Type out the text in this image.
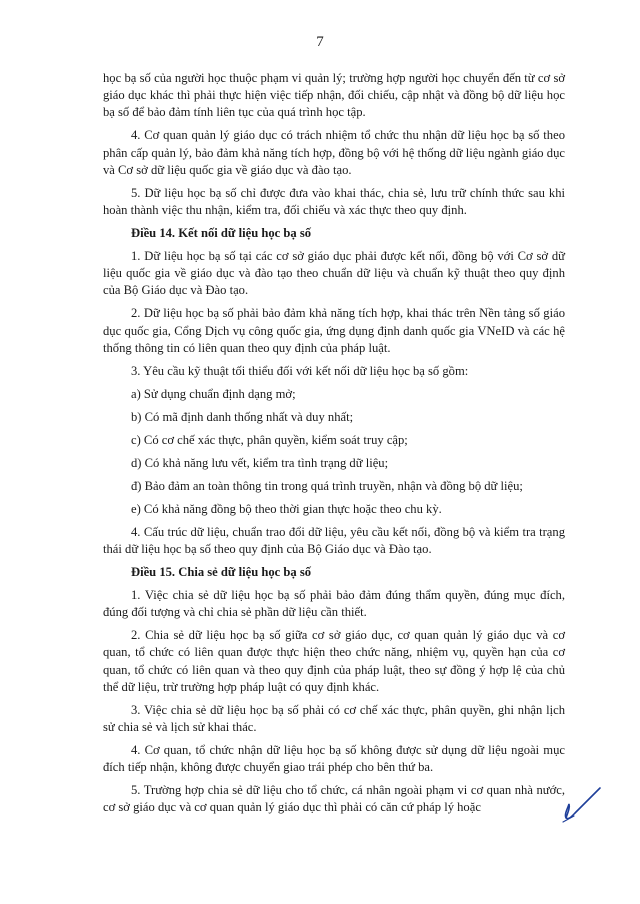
7

học bạ số của người học thuộc phạm vi quản lý; trường hợp người học chuyển đến từ cơ sở giáo dục khác thì phải thực hiện việc tiếp nhận, đối chiếu, cập nhật và đồng bộ dữ liệu học bạ số để bảo đảm tính liên tục của quá trình học tập.

4. Cơ quan quản lý giáo dục có trách nhiệm tổ chức thu nhận dữ liệu học bạ số theo phân cấp quản lý, bảo đảm khả năng tích hợp, đồng bộ với hệ thống dữ liệu ngành giáo dục và Cơ sở dữ liệu quốc gia về giáo dục và đào tạo.

5. Dữ liệu học bạ số chỉ được đưa vào khai thác, chia sẻ, lưu trữ chính thức sau khi hoàn thành việc thu nhận, kiểm tra, đối chiếu và xác thực theo quy định.

Điều 14. Kết nối dữ liệu học bạ số

1. Dữ liệu học bạ số tại các cơ sở giáo dục phải được kết nối, đồng bộ với Cơ sở dữ liệu quốc gia về giáo dục và đào tạo theo chuẩn dữ liệu và chuẩn kỹ thuật theo quy định của Bộ Giáo dục và Đào tạo.

2. Dữ liệu học bạ số phải bảo đảm khả năng tích hợp, khai thác trên Nền tảng số giáo dục quốc gia, Cổng Dịch vụ công quốc gia, ứng dụng định danh quốc gia VNeID và các hệ thống thông tin có liên quan theo quy định của pháp luật.

3. Yêu cầu kỹ thuật tối thiểu đối với kết nối dữ liệu học bạ số gồm:

a) Sử dụng chuẩn định dạng mở;

b) Có mã định danh thống nhất và duy nhất;

c) Có cơ chế xác thực, phân quyền, kiểm soát truy cập;

d) Có khả năng lưu vết, kiểm tra tình trạng dữ liệu;

đ) Bảo đảm an toàn thông tin trong quá trình truyền, nhận và đồng bộ dữ liệu;

e) Có khả năng đồng bộ theo thời gian thực hoặc theo chu kỳ.

4. Cấu trúc dữ liệu, chuẩn trao đổi dữ liệu, yêu cầu kết nối, đồng bộ và kiểm tra trạng thái dữ liệu học bạ số theo quy định của Bộ Giáo dục và Đào tạo.

Điều 15. Chia sẻ dữ liệu học bạ số

1. Việc chia sẻ dữ liệu học bạ số phải bảo đảm đúng thẩm quyền, đúng mục đích, đúng đối tượng và chỉ chia sẻ phần dữ liệu cần thiết.

2. Chia sẻ dữ liệu học bạ số giữa cơ sở giáo dục, cơ quan quản lý giáo dục và cơ quan, tổ chức có liên quan được thực hiện theo chức năng, nhiệm vụ, quyền hạn của cơ quan, tổ chức có liên quan và theo quy định của pháp luật, theo sự đồng ý hợp lệ của chủ thể dữ liệu, trừ trường hợp pháp luật có quy định khác.

3. Việc chia sẻ dữ liệu học bạ số phải có cơ chế xác thực, phân quyền, ghi nhận lịch sử chia sẻ và lịch sử khai thác.

4. Cơ quan, tổ chức nhận dữ liệu học bạ số không được sử dụng dữ liệu ngoài mục đích tiếp nhận, không được chuyển giao trái phép cho bên thứ ba.

5. Trường hợp chia sẻ dữ liệu cho tổ chức, cá nhân ngoài phạm vi cơ quan nhà nước, cơ sở giáo dục và cơ quan quản lý giáo dục thì phải có căn cứ pháp lý hoặc
